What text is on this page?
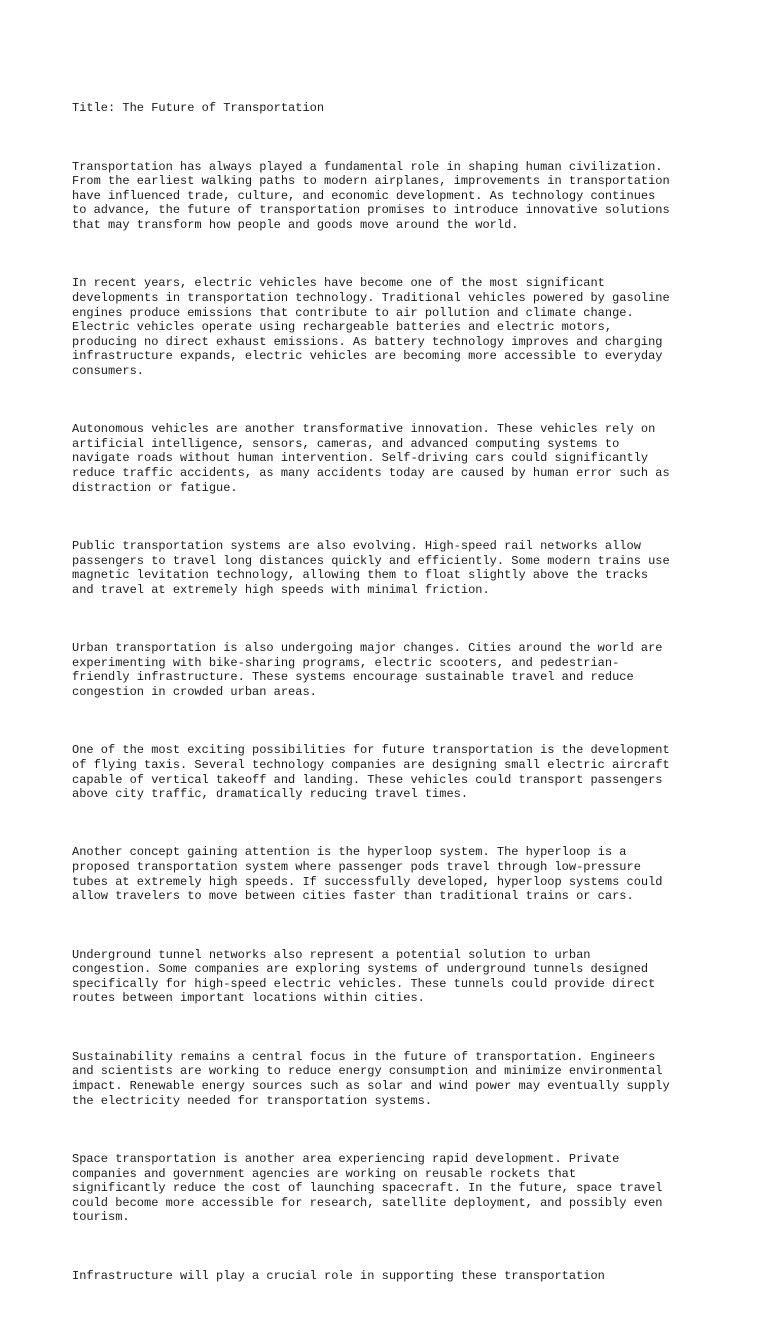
Title: The Future of Transportation

Transportation has always played a fundamental role in shaping human civilization.
From the earliest walking paths to modern airplanes, improvements in transportation
have influenced trade, culture, and economic development. As technology continues
to advance, the future of transportation promises to introduce innovative solutions
that may transform how people and goods move around the world.

In recent years, electric vehicles have become one of the most significant
developments in transportation technology. Traditional vehicles powered by gasoline
engines produce emissions that contribute to air pollution and climate change.
Electric vehicles operate using rechargeable batteries and electric motors,
producing no direct exhaust emissions. As battery technology improves and charging
infrastructure expands, electric vehicles are becoming more accessible to everyday
consumers.

Autonomous vehicles are another transformative innovation. These vehicles rely on
artificial intelligence, sensors, cameras, and advanced computing systems to
navigate roads without human intervention. Self-driving cars could significantly
reduce traffic accidents, as many accidents today are caused by human error such as
distraction or fatigue.

Public transportation systems are also evolving. High-speed rail networks allow
passengers to travel long distances quickly and efficiently. Some modern trains use
magnetic levitation technology, allowing them to float slightly above the tracks
and travel at extremely high speeds with minimal friction.

Urban transportation is also undergoing major changes. Cities around the world are
experimenting with bike-sharing programs, electric scooters, and pedestrian-
friendly infrastructure. These systems encourage sustainable travel and reduce
congestion in crowded urban areas.

One of the most exciting possibilities for future transportation is the development
of flying taxis. Several technology companies are designing small electric aircraft
capable of vertical takeoff and landing. These vehicles could transport passengers
above city traffic, dramatically reducing travel times.

Another concept gaining attention is the hyperloop system. The hyperloop is a
proposed transportation system where passenger pods travel through low-pressure
tubes at extremely high speeds. If successfully developed, hyperloop systems could
allow travelers to move between cities faster than traditional trains or cars.

Underground tunnel networks also represent a potential solution to urban
congestion. Some companies are exploring systems of underground tunnels designed
specifically for high-speed electric vehicles. These tunnels could provide direct
routes between important locations within cities.

Sustainability remains a central focus in the future of transportation. Engineers
and scientists are working to reduce energy consumption and minimize environmental
impact. Renewable energy sources such as solar and wind power may eventually supply
the electricity needed for transportation systems.

Space transportation is another area experiencing rapid development. Private
companies and government agencies are working on reusable rockets that
significantly reduce the cost of launching spacecraft. In the future, space travel
could become more accessible for research, satellite deployment, and possibly even
tourism.

Infrastructure will play a crucial role in supporting these transportation
